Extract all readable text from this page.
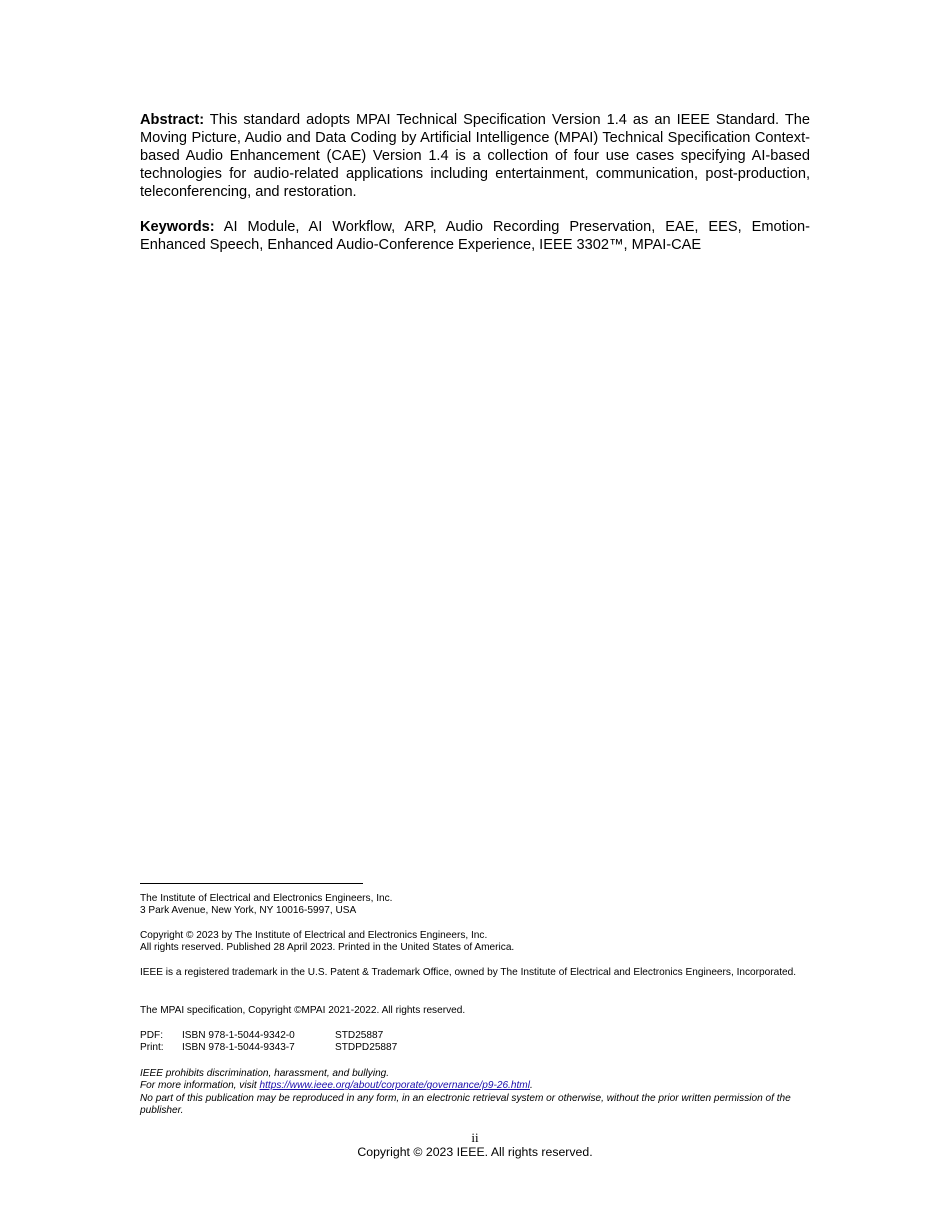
Abstract: This standard adopts MPAI Technical Specification Version 1.4 as an IEEE Standard. The Moving Picture, Audio and Data Coding by Artificial Intelligence (MPAI) Technical Specification Context-based Audio Enhancement (CAE) Version 1.4 is a collection of four use cases specifying AI-based technologies for audio-related applications including entertainment, communication, post-production, teleconferencing, and restoration.

Keywords: AI Module, AI Workflow, ARP, Audio Recording Preservation, EAE, EES, Emotion-Enhanced Speech, Enhanced Audio-Conference Experience, IEEE 3302™, MPAI-CAE

The Institute of Electrical and Electronics Engineers, Inc.
3 Park Avenue, New York, NY 10016-5997, USA

Copyright © 2023 by The Institute of Electrical and Electronics Engineers, Inc.
All rights reserved. Published 28 April 2023. Printed in the United States of America.

IEEE is a registered trademark in the U.S. Patent & Trademark Office, owned by The Institute of Electrical and Electronics Engineers, Incorporated.

The MPAI specification, Copyright ©MPAI 2021-2022. All rights reserved.

PDF:	ISBN 978-1-5044-9342-0	STD25887
Print:	ISBN 978-1-5044-9343-7	STDPD25887

IEEE prohibits discrimination, harassment, and bullying.
For more information, visit https://www.ieee.org/about/corporate/governance/p9-26.html.
No part of this publication may be reproduced in any form, in an electronic retrieval system or otherwise, without the prior written permission of the publisher.

ii
Copyright © 2023 IEEE. All rights reserved.
